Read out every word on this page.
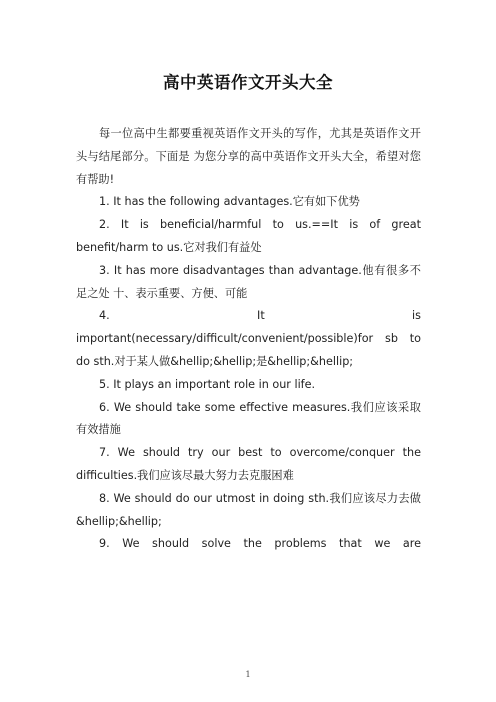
高中英语作文开头大全

每一位高中生都要重视英语作文开头的写作，尤其是英语作文开头与结尾部分。下面是 为您分享的高中英语作文开头大全，希望对您有帮助!

1. It has the following advantages.它有如下优势

2. It is beneficial/harmful to us.==It is of great benefit/harm to us.它对我们有益处

3. It has more disadvantages than advantage.他有很多不足之处 十、表示重要、方便、可能

4. It is important(necessary/difficult/convenient/possible)for sb to do sth.对于某人做&hellip;&hellip;是&hellip;&hellip;

5. It plays an important role in our life.

6. We should take some effective measures.我们应该采取有效措施

7. We should try our best to overcome/conquer the difficulties.我们应该尽最大努力去克服困难

8. We should do our utmost in doing sth.我们应该尽力去做&hellip;&hellip;

9. We should solve the problems that we are

1
